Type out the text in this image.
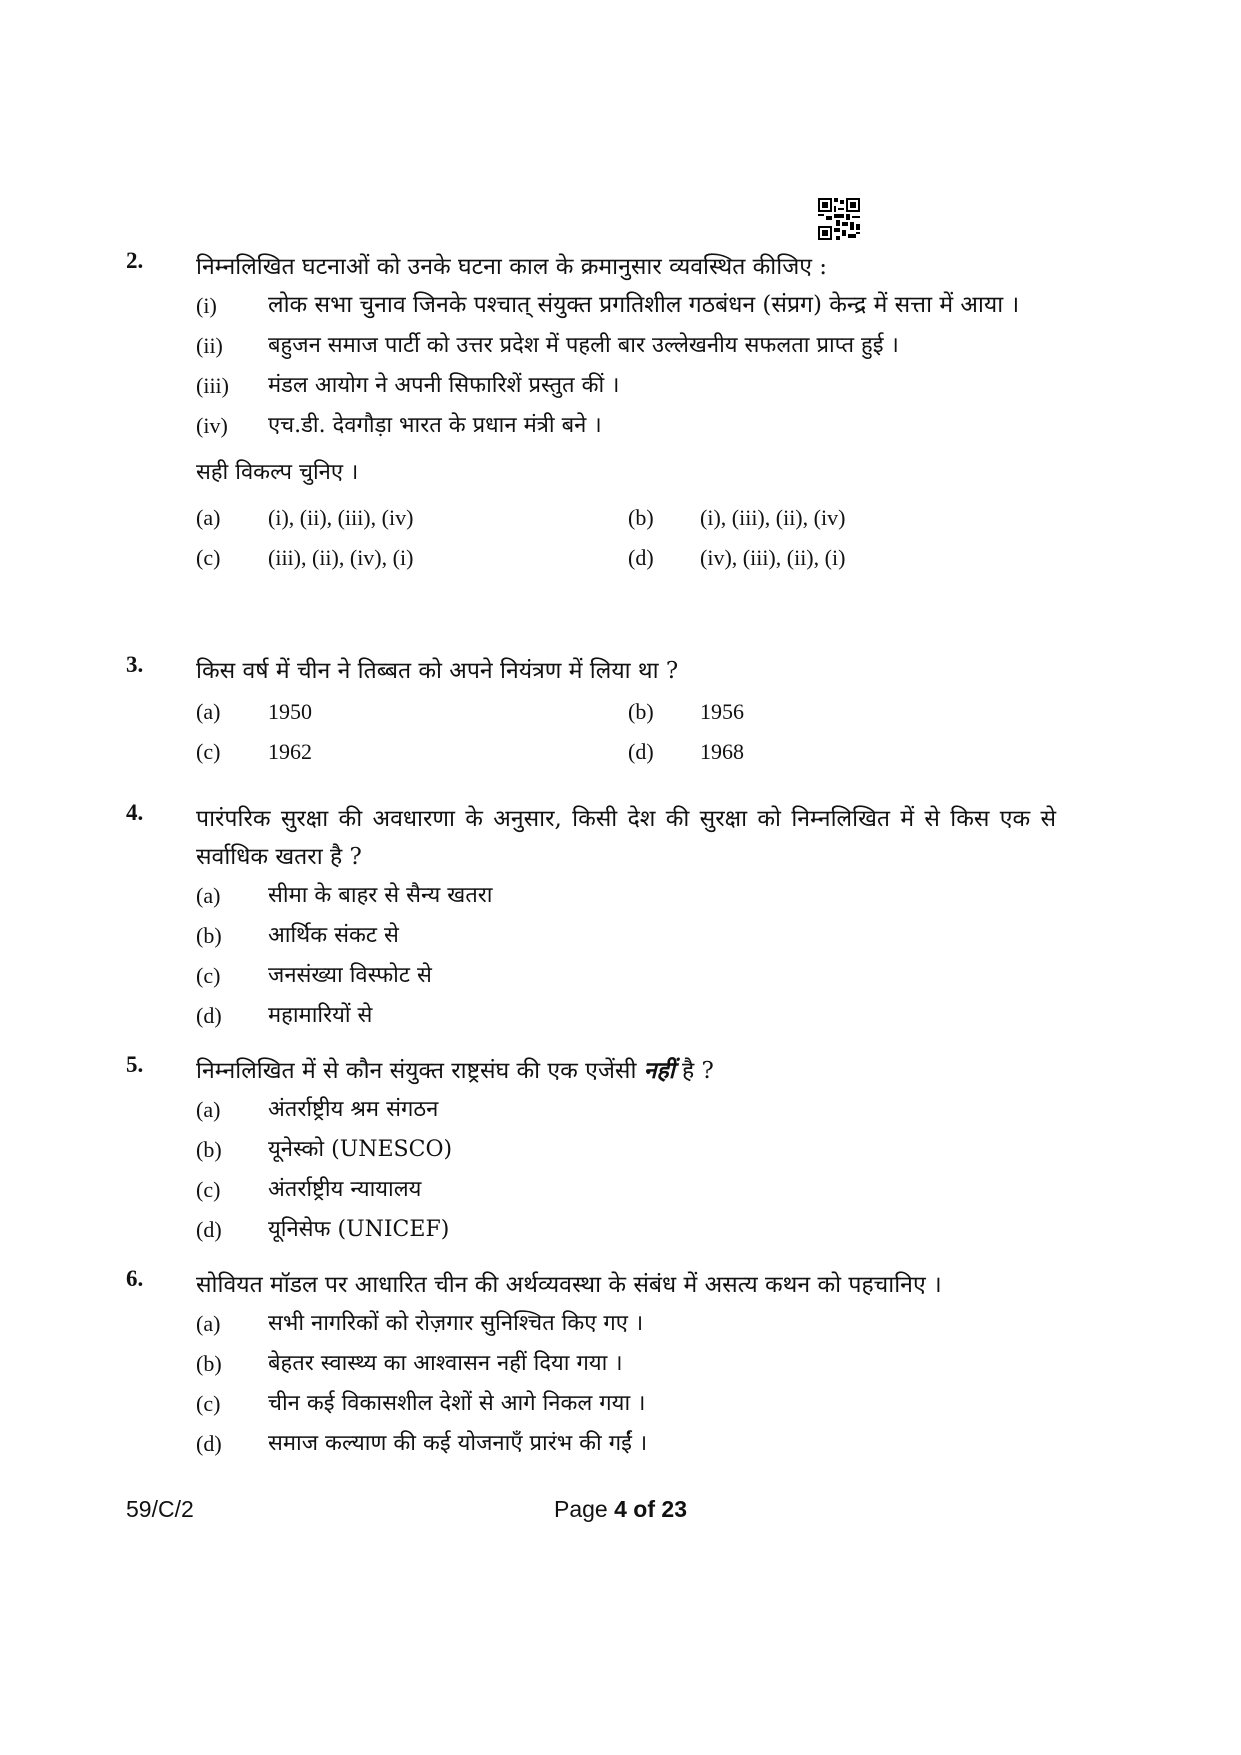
2. निम्नलिखित घटनाओं को उनके घटना काल के क्रमानुसार व्यवस्थित कीजिए :
(i)	लोक सभा चुनाव जिनके पश्चात् संयुक्त प्रगतिशील गठबंधन (संप्रग) केन्द्र में सत्ता में आया ।
(ii)	बहुजन समाज पार्टी को उत्तर प्रदेश में पहली बार उल्लेखनीय सफलता प्राप्त हुई ।
(iii)	मंडल आयोग ने अपनी सिफारिशें प्रस्तुत कीं ।
(iv)	एच.डी. देवगौड़ा भारत के प्रधान मंत्री बने ।
सही विकल्प चुनिए ।
(a) (i), (ii), (iii), (iv)	(b) (i), (iii), (ii), (iv)
(c) (iii), (ii), (iv), (i)	(d) (iv), (iii), (ii), (i)
3. किस वर्ष में चीन ने तिब्बत को अपने नियंत्रण में लिया था ?
(a) 1950	(b) 1956
(c) 1962	(d) 1968
4. पारंपरिक सुरक्षा की अवधारणा के अनुसार, किसी देश की सुरक्षा को निम्नलिखित में से किस एक से सर्वाधिक खतरा है ?
(a)	सीमा के बाहर से सैन्य खतरा
(b)	आर्थिक संकट से
(c)	जनसंख्या विस्फोट से
(d)	महामारियों से
5. निम्नलिखित में से कौन संयुक्त राष्ट्रसंघ की एक एजेंसी नहीं है ?
(a)	अंतर्राष्ट्रीय श्रम संगठन
(b)	यूनेस्को (UNESCO)
(c)	अंतर्राष्ट्रीय न्यायालय
(d)	यूनिसेफ (UNICEF)
6. सोवियत मॉडल पर आधारित चीन की अर्थव्यवस्था के संबंध में असत्य कथन को पहचानिए ।
(a)	सभी नागरिकों को रोज़गार सुनिश्चित किए गए ।
(b)	बेहतर स्वास्थ्य का आश्वासन नहीं दिया गया ।
(c)	चीन कई विकासशील देशों से आगे निकल गया ।
(d)	समाज कल्याण की कई योजनाएँ प्रारंभ की गईं ।
59/C/2	Page 4 of 23
